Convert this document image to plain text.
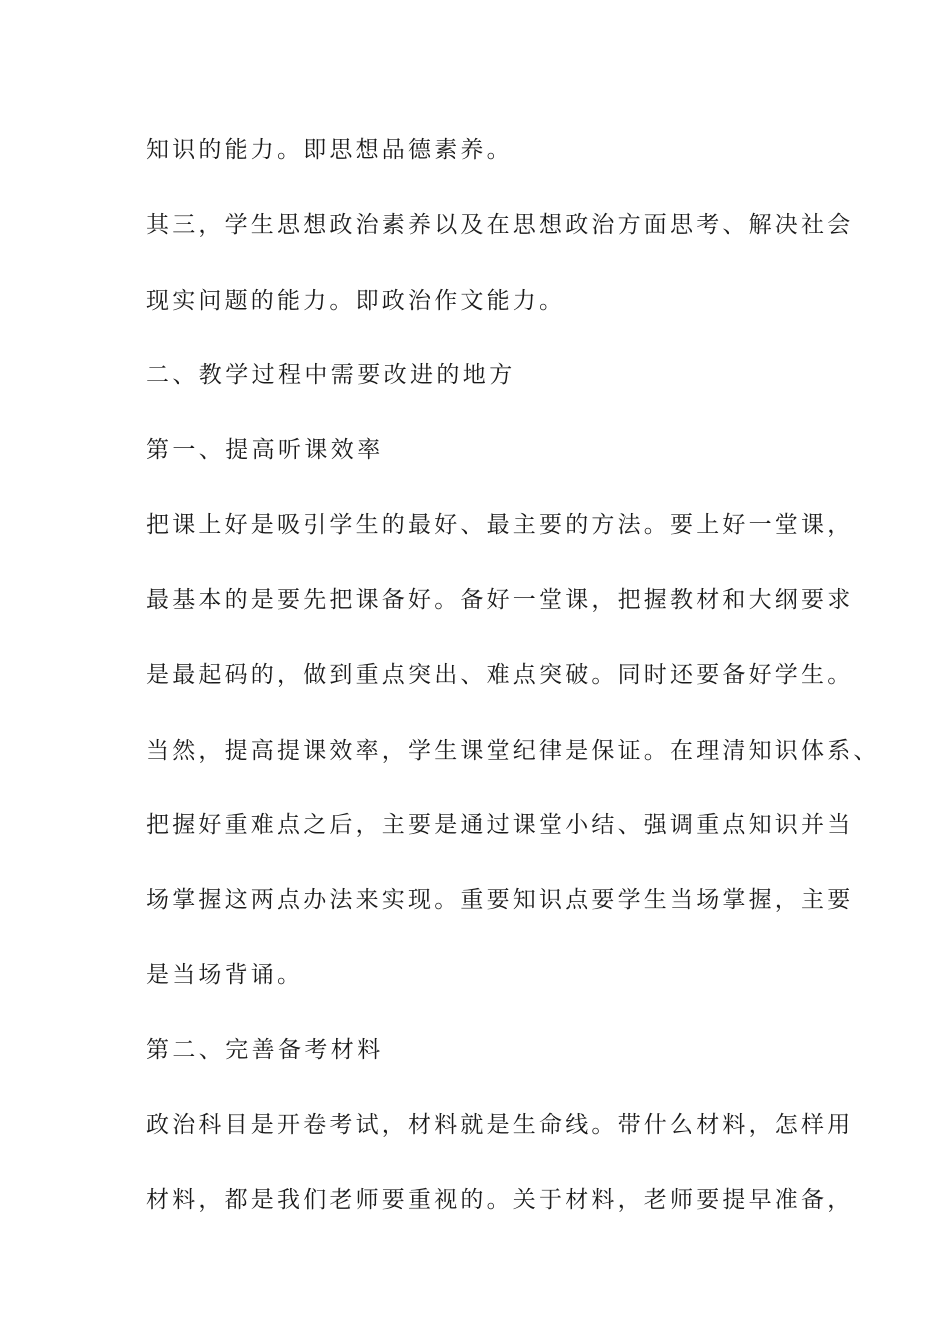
知识的能力。即思想品德素养。
其三，学生思想政治素养以及在思想政治方面思考、解决社会
现实问题的能力。即政治作文能力。
二、教学过程中需要改进的地方
第一、提高听课效率
把课上好是吸引学生的最好、最主要的方法。要上好一堂课，
最基本的是要先把课备好。备好一堂课，把握教材和大纲要求
是最起码的，做到重点突出、难点突破。同时还要备好学生。
当然，提高提课效率，学生课堂纪律是保证。在理清知识体系、
把握好重难点之后，主要是通过课堂小结、强调重点知识并当
场掌握这两点办法来实现。重要知识点要学生当场掌握，主要
是当场背诵。
第二、完善备考材料
政治科目是开卷考试，材料就是生命线。带什么材料，怎样用
材料，都是我们老师要重视的。关于材料，老师要提早准备，
